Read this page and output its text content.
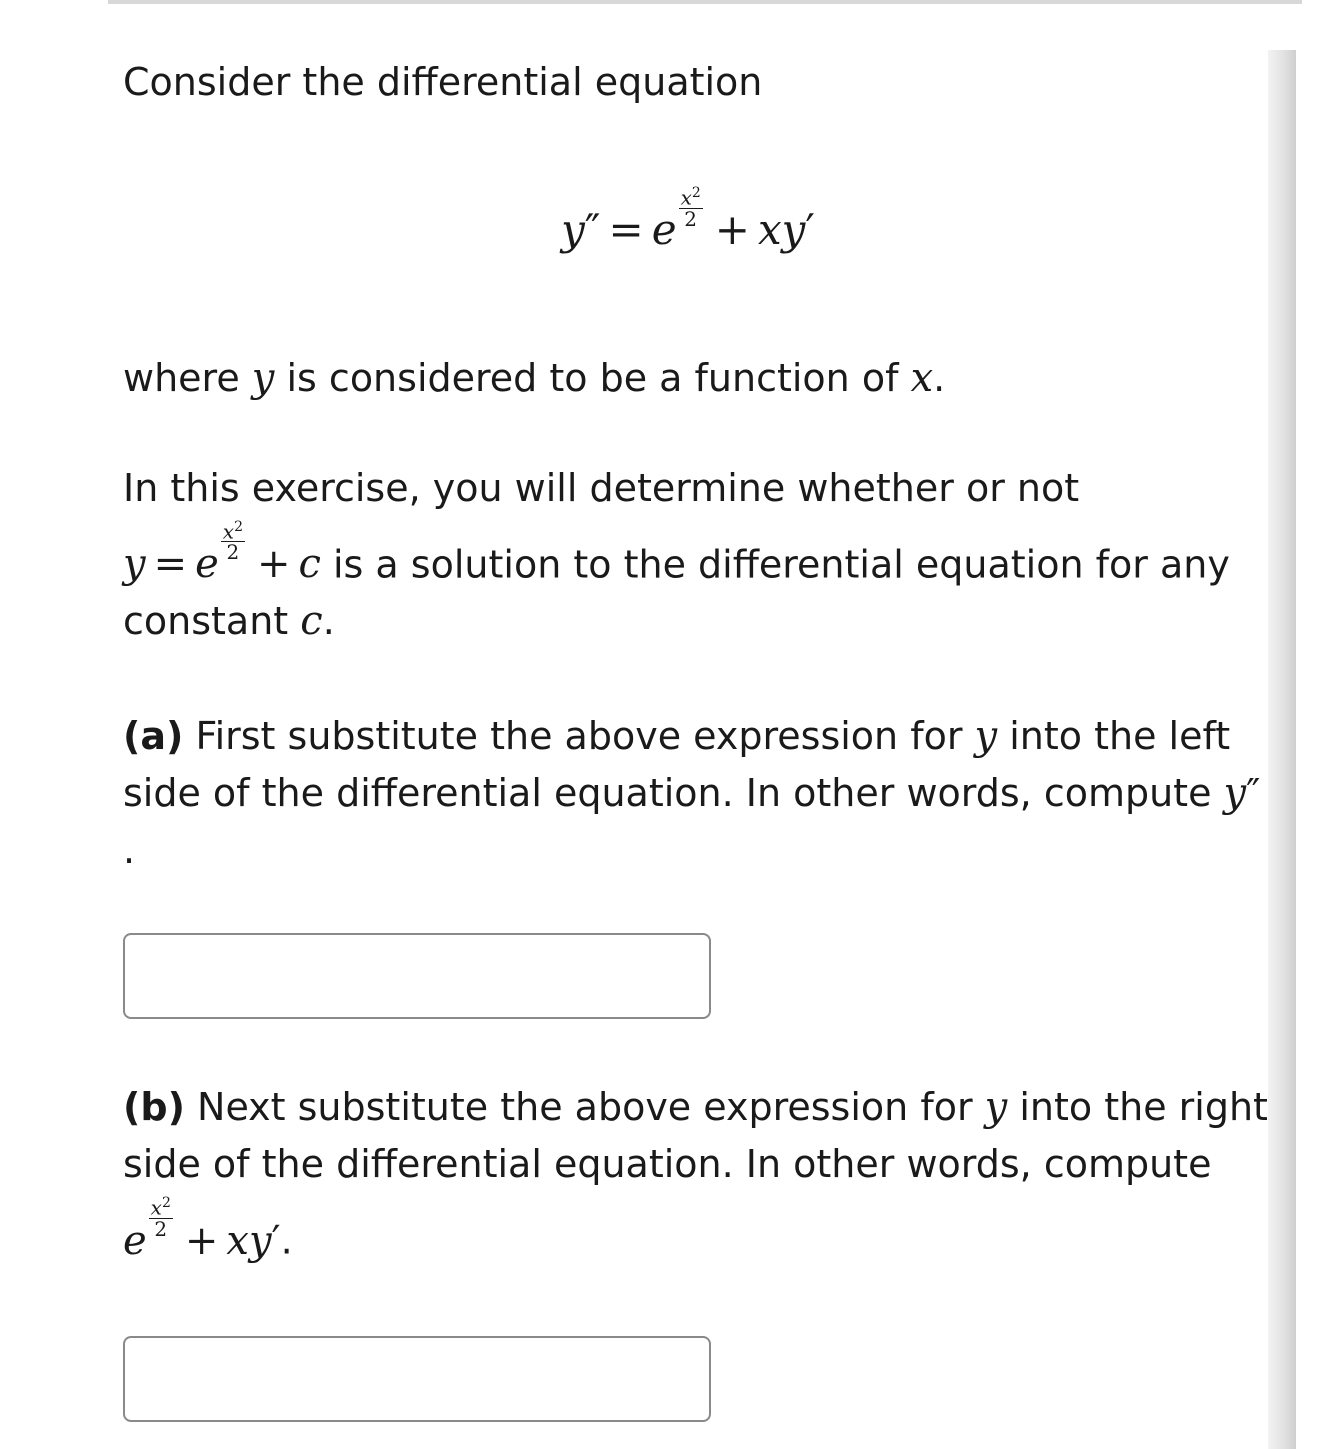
Consider the differential equation

y″ = e $\frac{x^2}{2} + xy'$

where y is considered to be a function of x.

In this exercise, you will determine whether or not
y = e
$\frac{x^2}{2}$
+ c is a solution to the differential equation for any
constant c.

(a) First substitute the above expression for y into the left side of the differential equation. In other words, compute y″
.

(b) Next substitute the above expression for y into the right side of the differential equation. In other words, compute
e
$\frac{x^2}{2}$
+ xy′.
